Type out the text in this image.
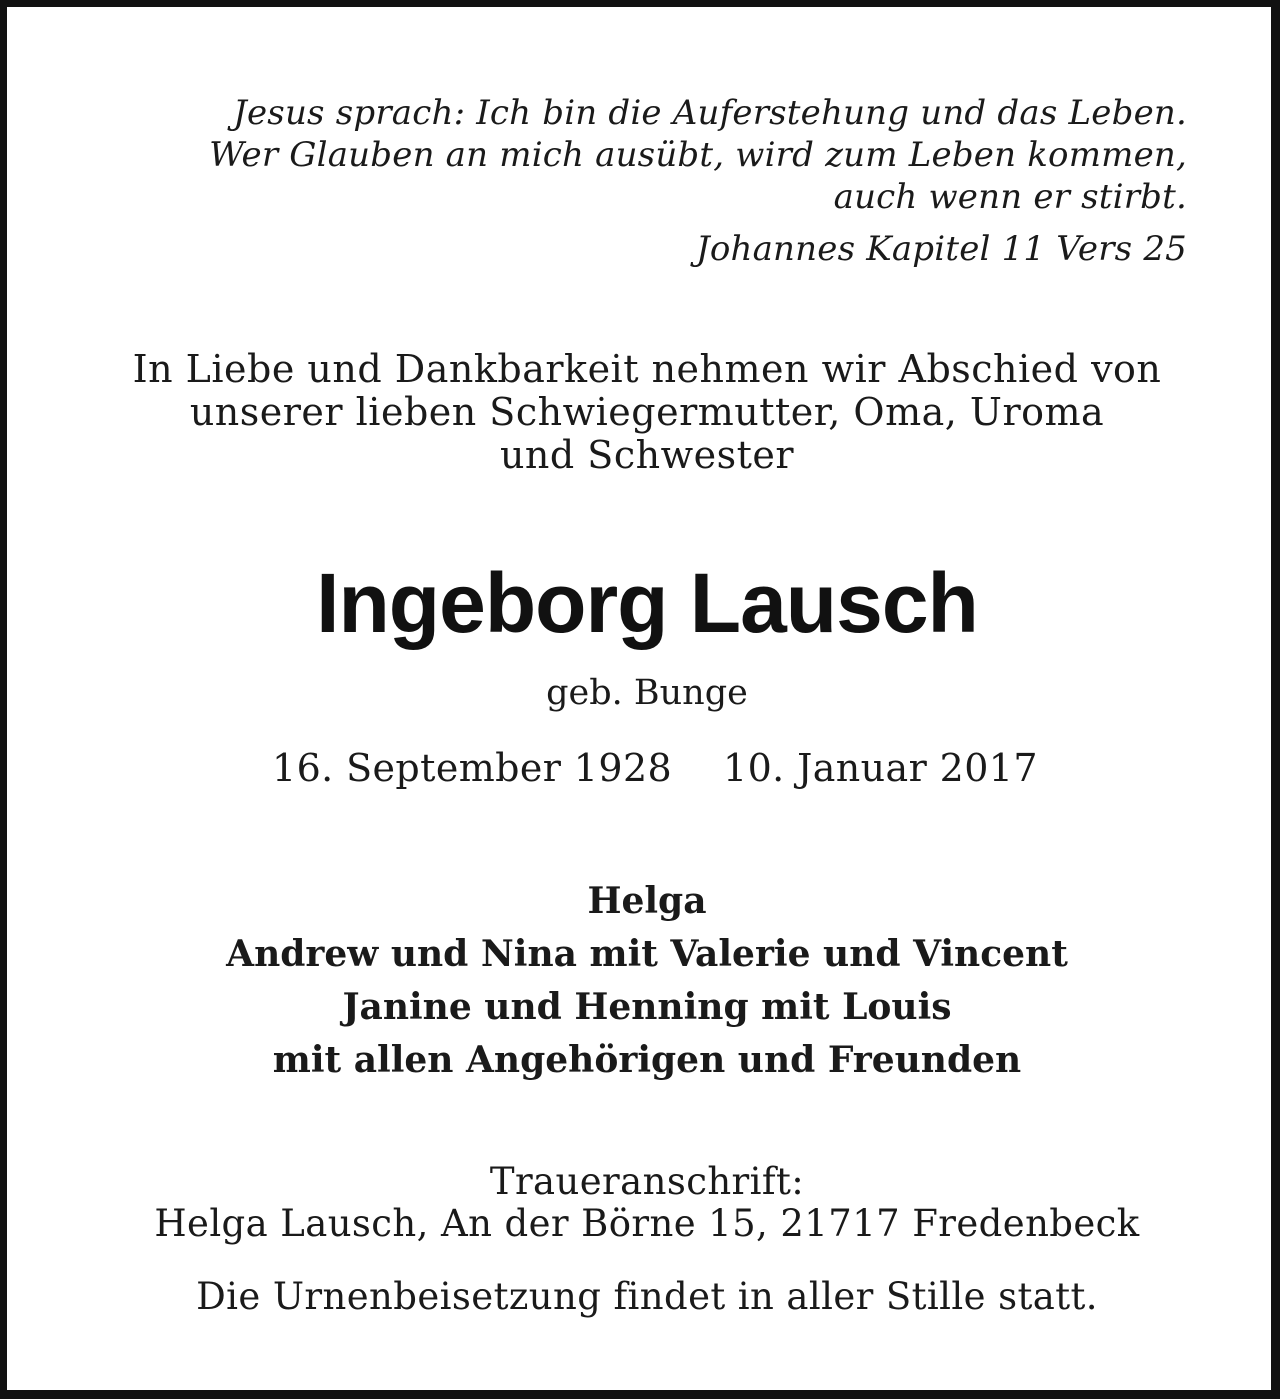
Jesus sprach: Ich bin die Auferstehung und das Leben.

Wer Glauben an mich ausübt, wird zum Leben kommen,

auch wenn er stirbt.

Johannes Kapitel 11 Vers 25

In Liebe und Dankbarkeit nehmen wir Abschied von

unserer lieben Schwiegermutter, Oma, Uroma

und Schwester

Ingeborg Lausch

geb. Bunge

16. September 1928 10. Januar 2017

Helga

Andrew und Nina mit Valerie und Vincent

Janine und Henning mit Louis

mit allen Angehörigen und Freunden

Traueranschrift:

Helga Lausch, An der Börne 15, 21717 Fredenbeck

Die Urnenbeisetzung findet in aller Stille statt.
